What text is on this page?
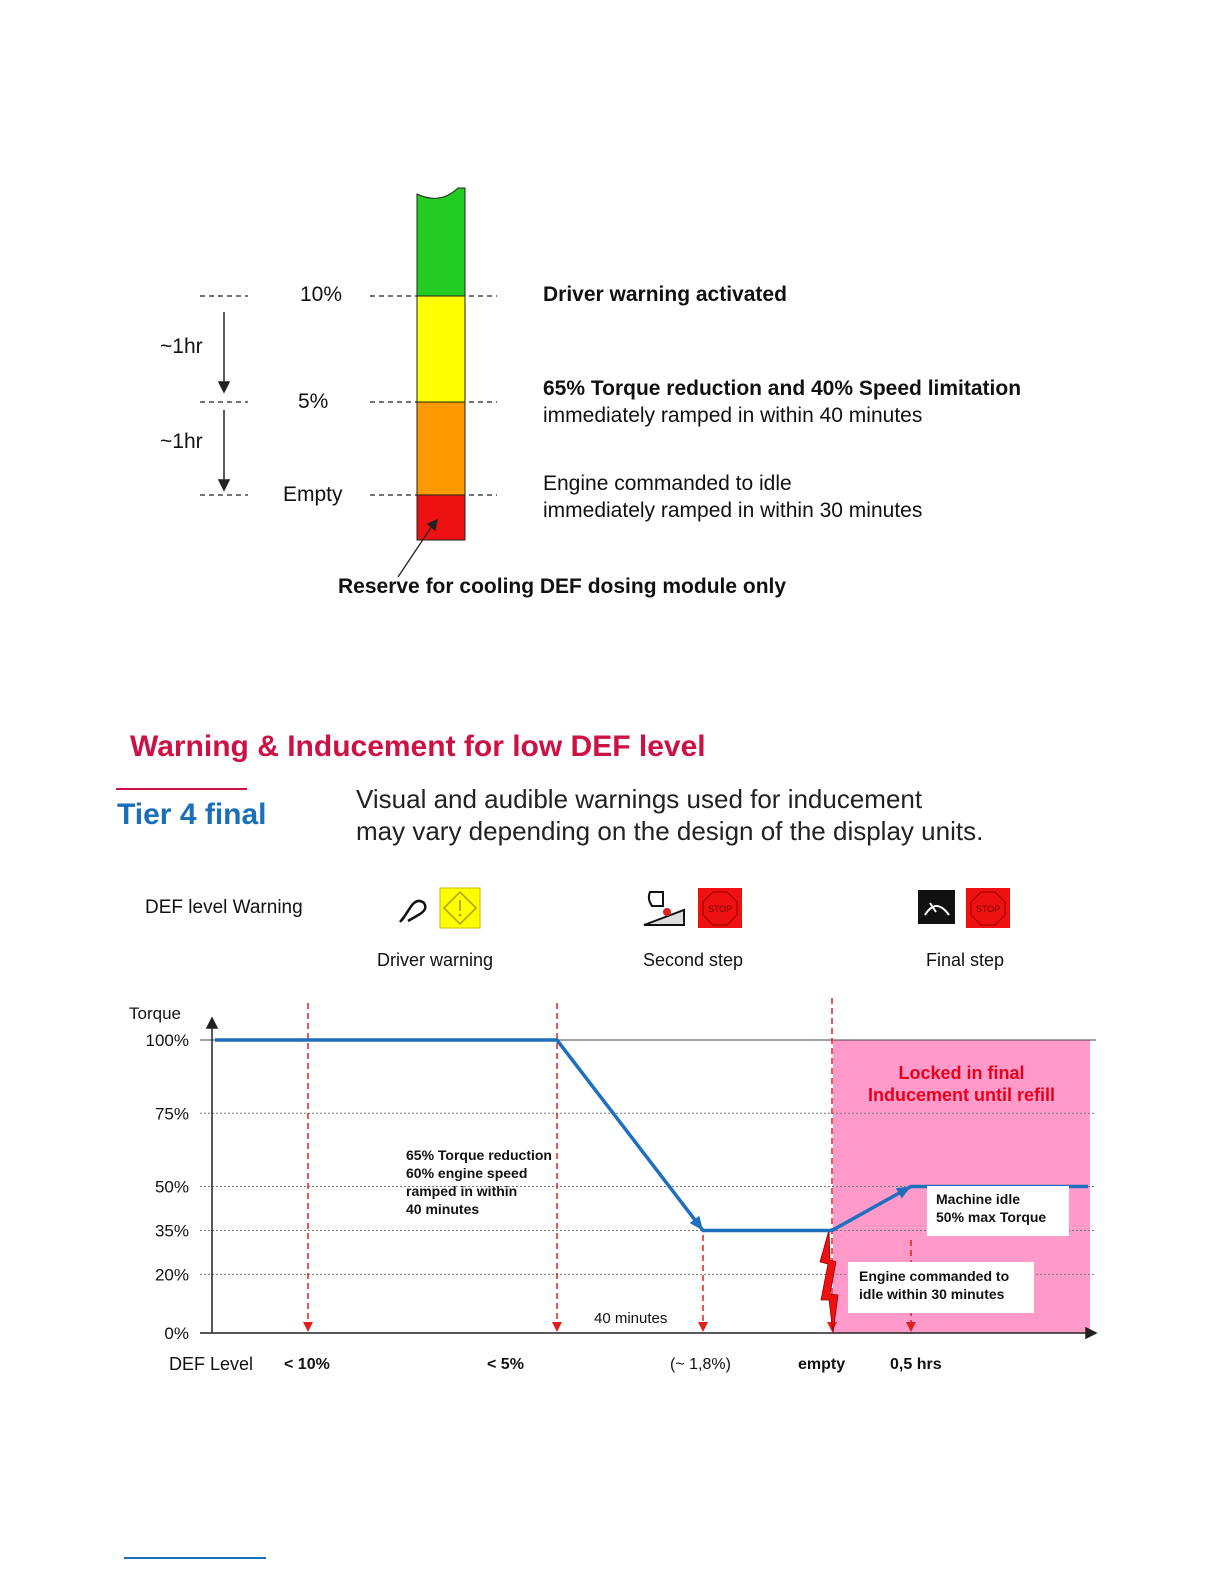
10%
5%
Empty
~1hr
~1hr
Driver warning activated
65% Torque reduction and 40% Speed limitation
immediately ramped in within 40 minutes
Engine commanded to idle
immediately ramped in within 30 minutes
Reserve for cooling DEF dosing module only
Warning & Inducement for low DEF level
Tier 4 final	Visual and audible warnings used for inducement
may vary depending on the design of the display units.
DEF level Warning	STOP	STOP
Driver warning	Second step	Final step
100%
75%
50%
35%
20%
0%
Torque
Locked in final
Inducement until refill
65% Torque reduction
60% engine speed
ramped in within
40 minutes
Machine idle
50% max Torque
Engine commanded to
idle within 30 minutes
40 minutes
DEF Level < 10%	< 5%	(~ 1,8%)	empty	0,5 hrs
